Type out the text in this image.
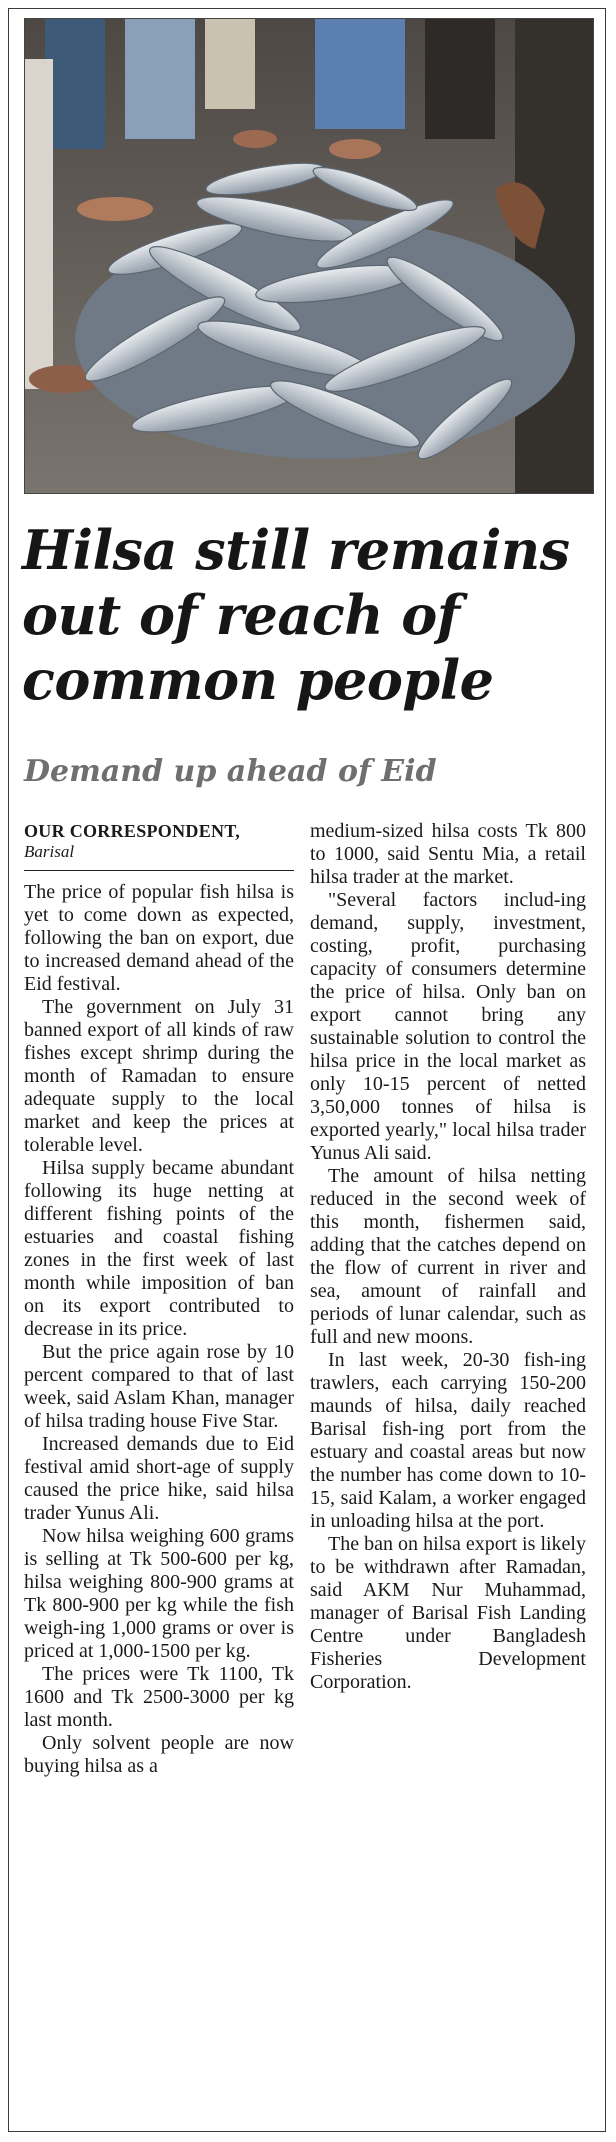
Hilsa still remains
out of reach of
common people
Demand up ahead of Eid
OUR CORRESPONDENT,
Barisal

The price of popular fish hilsa is yet to come down as expected, following the ban on export, due to increased demand ahead of the Eid festival.

The government on July 31 banned export of all kinds of raw fishes except shrimp during the month of Ramadan to ensure adequate supply to the local market and keep the prices at tolerable level.

Hilsa supply became abundant following its huge netting at different fishing points of the estuaries and coastal fishing zones in the first week of last month while imposition of ban on its export contributed to decrease in its price.

But the price again rose by 10 percent compared to that of last week, said Aslam Khan, manager of hilsa trading house Five Star.

Increased demands due to Eid festival amid short-age of supply caused the price hike, said hilsa trader Yunus Ali.

Now hilsa weighing 600 grams is selling at Tk 500-600 per kg, hilsa weighing 800-900 grams at Tk 800-900 per kg while the fish weigh-ing 1,000 grams or over is priced at 1,000-1500 per kg.

The prices were Tk 1100, Tk 1600 and Tk 2500-3000 per kg last month.

Only solvent people are now buying hilsa as a

medium-sized hilsa costs Tk 800 to 1000, said Sentu Mia, a retail hilsa trader at the market.

"Several factors includ-ing demand, supply, investment, costing, profit, purchasing capacity of consumers determine the price of hilsa. Only ban on export cannot bring any sustainable solution to control the hilsa price in the local market as only 10-15 percent of netted 3,50,000 tonnes of hilsa is exported yearly," local hilsa trader Yunus Ali said.

The amount of hilsa netting reduced in the second week of this month, fishermen said, adding that the catches depend on the flow of current in river and sea, amount of rainfall and periods of lunar calendar, such as full and new moons.

In last week, 20-30 fish-ing trawlers, each carrying 150-200 maunds of hilsa, daily reached Barisal fish-ing port from the estuary and coastal areas but now the number has come down to 10-15, said Kalam, a worker engaged in unloading hilsa at the port.

The ban on hilsa export is likely to be withdrawn after Ramadan, said AKM Nur Muhammad, manager of Barisal Fish Landing Centre under Bangladesh Fisheries Development Corporation.
